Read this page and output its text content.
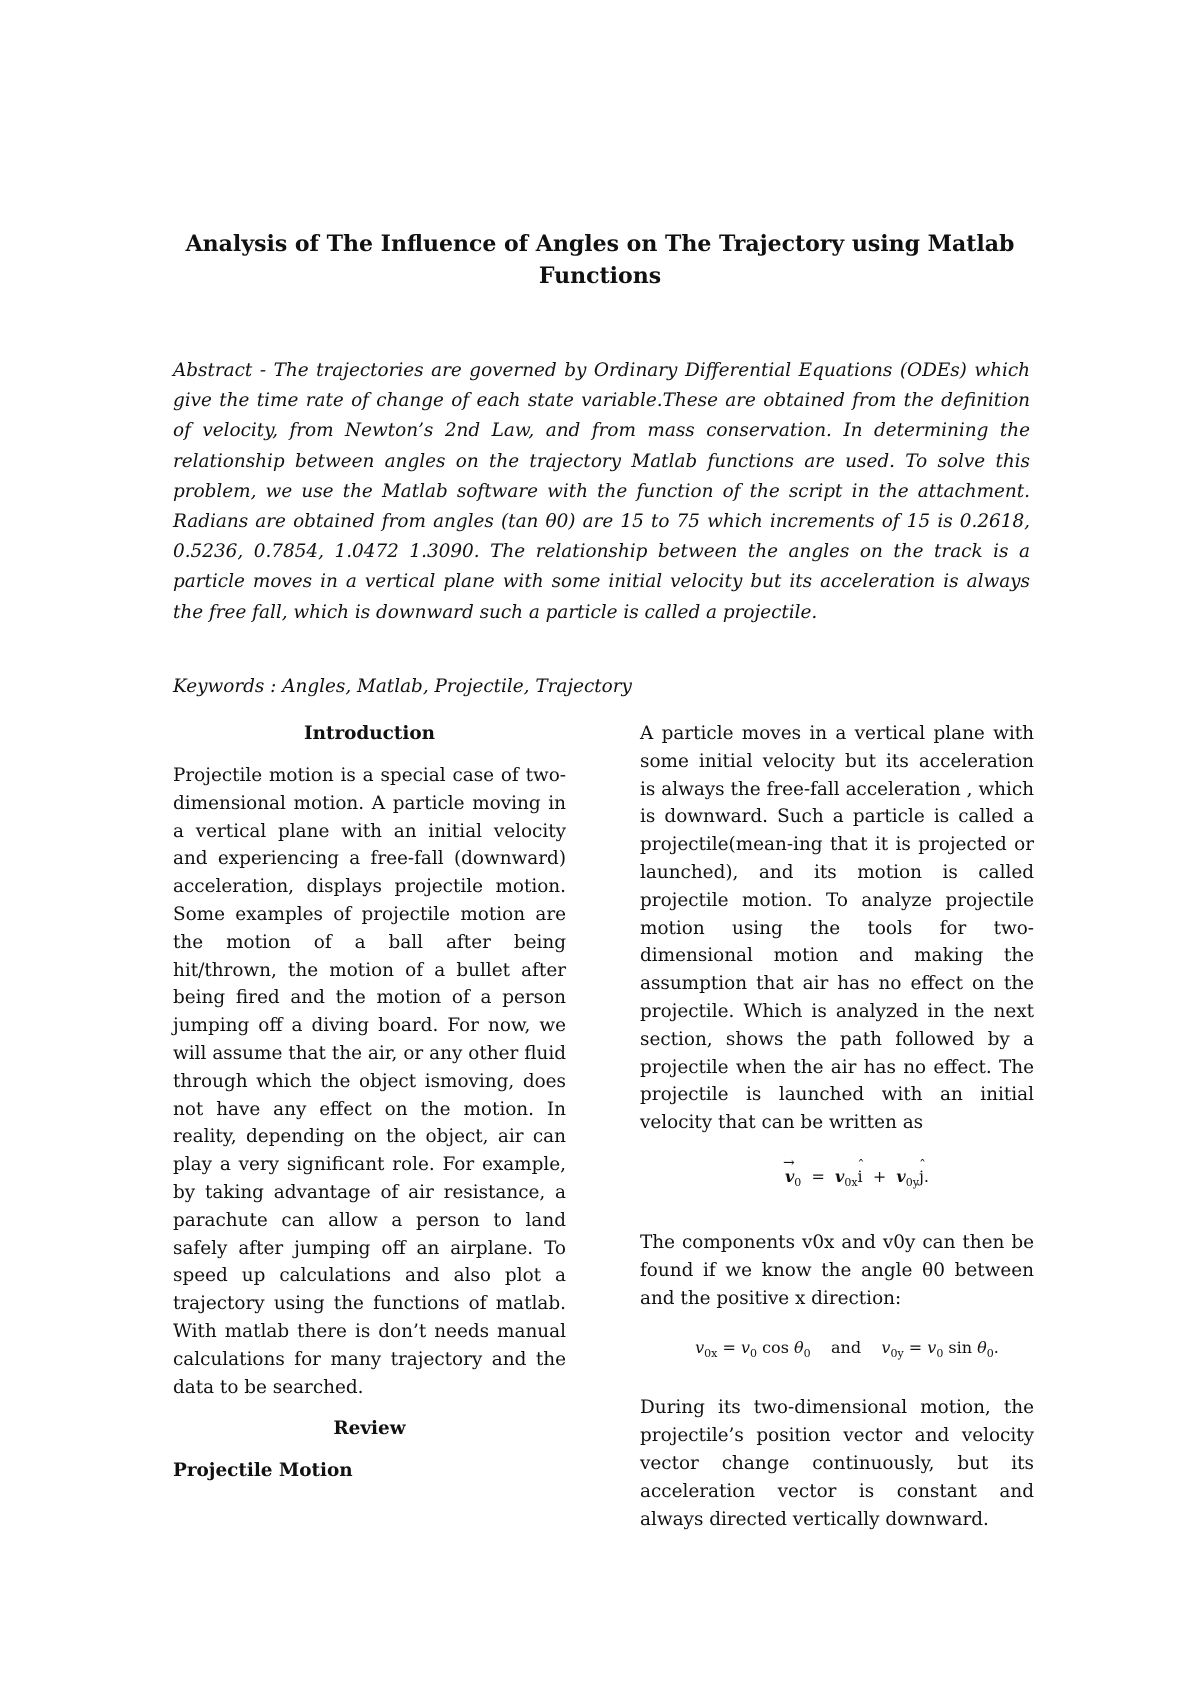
Analysis of The Influence of Angles on The Trajectory using Matlab Functions

Abstract - The trajectories are governed by Ordinary Differential Equations (ODEs) which give the time rate of change of each state variable.These are obtained from the definition of velocity, from Newton’s 2nd Law, and from mass conservation. In determining the relationship between angles on the trajectory Matlab functions are used. To solve this problem, we use the Matlab software with the function of the script in the attachment. Radians are obtained from angles (tan θ0) are 15 to 75 which increments of 15 is 0.2618, 0.5236, 0.7854, 1.0472 1.3090. The relationship between the angles on the track is a particle moves in a vertical plane with some initial velocity but its acceleration is always the free fall, which is downward such a particle is called a projectile.

Keywords : Angles, Matlab, Projectile, Trajectory

Introduction

Projectile motion is a special case of two-dimensional motion. A particle moving in a vertical plane with an initial velocity and experiencing a free-fall (downward) acceleration, displays projectile motion. Some examples of projectile motion are the motion of a ball after being hit/thrown, the motion of a bullet after being fired and the motion of a person jumping off a diving board. For now, we will assume that the air, or any other fluid through which the object ismoving, does not have any effect on the motion. In reality, depending on the object, air can play a very significant role. For example, by taking advantage of air resistance, a parachute can allow a person to land safely after jumping off an airplane. To speed up calculations and also plot a trajectory using the functions of matlab. With matlab there is don’t needs manual calculations for many trajectory and the data to be searched.

Review
Projectile Motion

A particle moves in a vertical plane with some initial velocity but its acceleration is always the free-fall acceleration , which is downward. Such a particle is called a projectile(mean-ing that it is projected or launched), and its motion is called projectile motion. To analyze projectile motion using the tools for two-dimensional motion and making the assumption that air has no effect on the projectile. Which is analyzed in the next section, shows the path followed by a projectile when the air has no effect. The projectile is launched with an initial velocity that can be written as

→ $v_0$ = $v_{0x}ˆ$ $i + v_{0y}ˆ$ j.

The components v0x and v0y can then be found if we know the angle θ0 between and the positive x direction:

$v_{0x} = v_0$ $\cos \theta_0$ and $v_{0y} = v_0$ $\sin \theta_0$.

During its two-dimensional motion, the projectile’s position vector and velocity vector change continuously, but its acceleration vector is constant and always directed vertically downward.
